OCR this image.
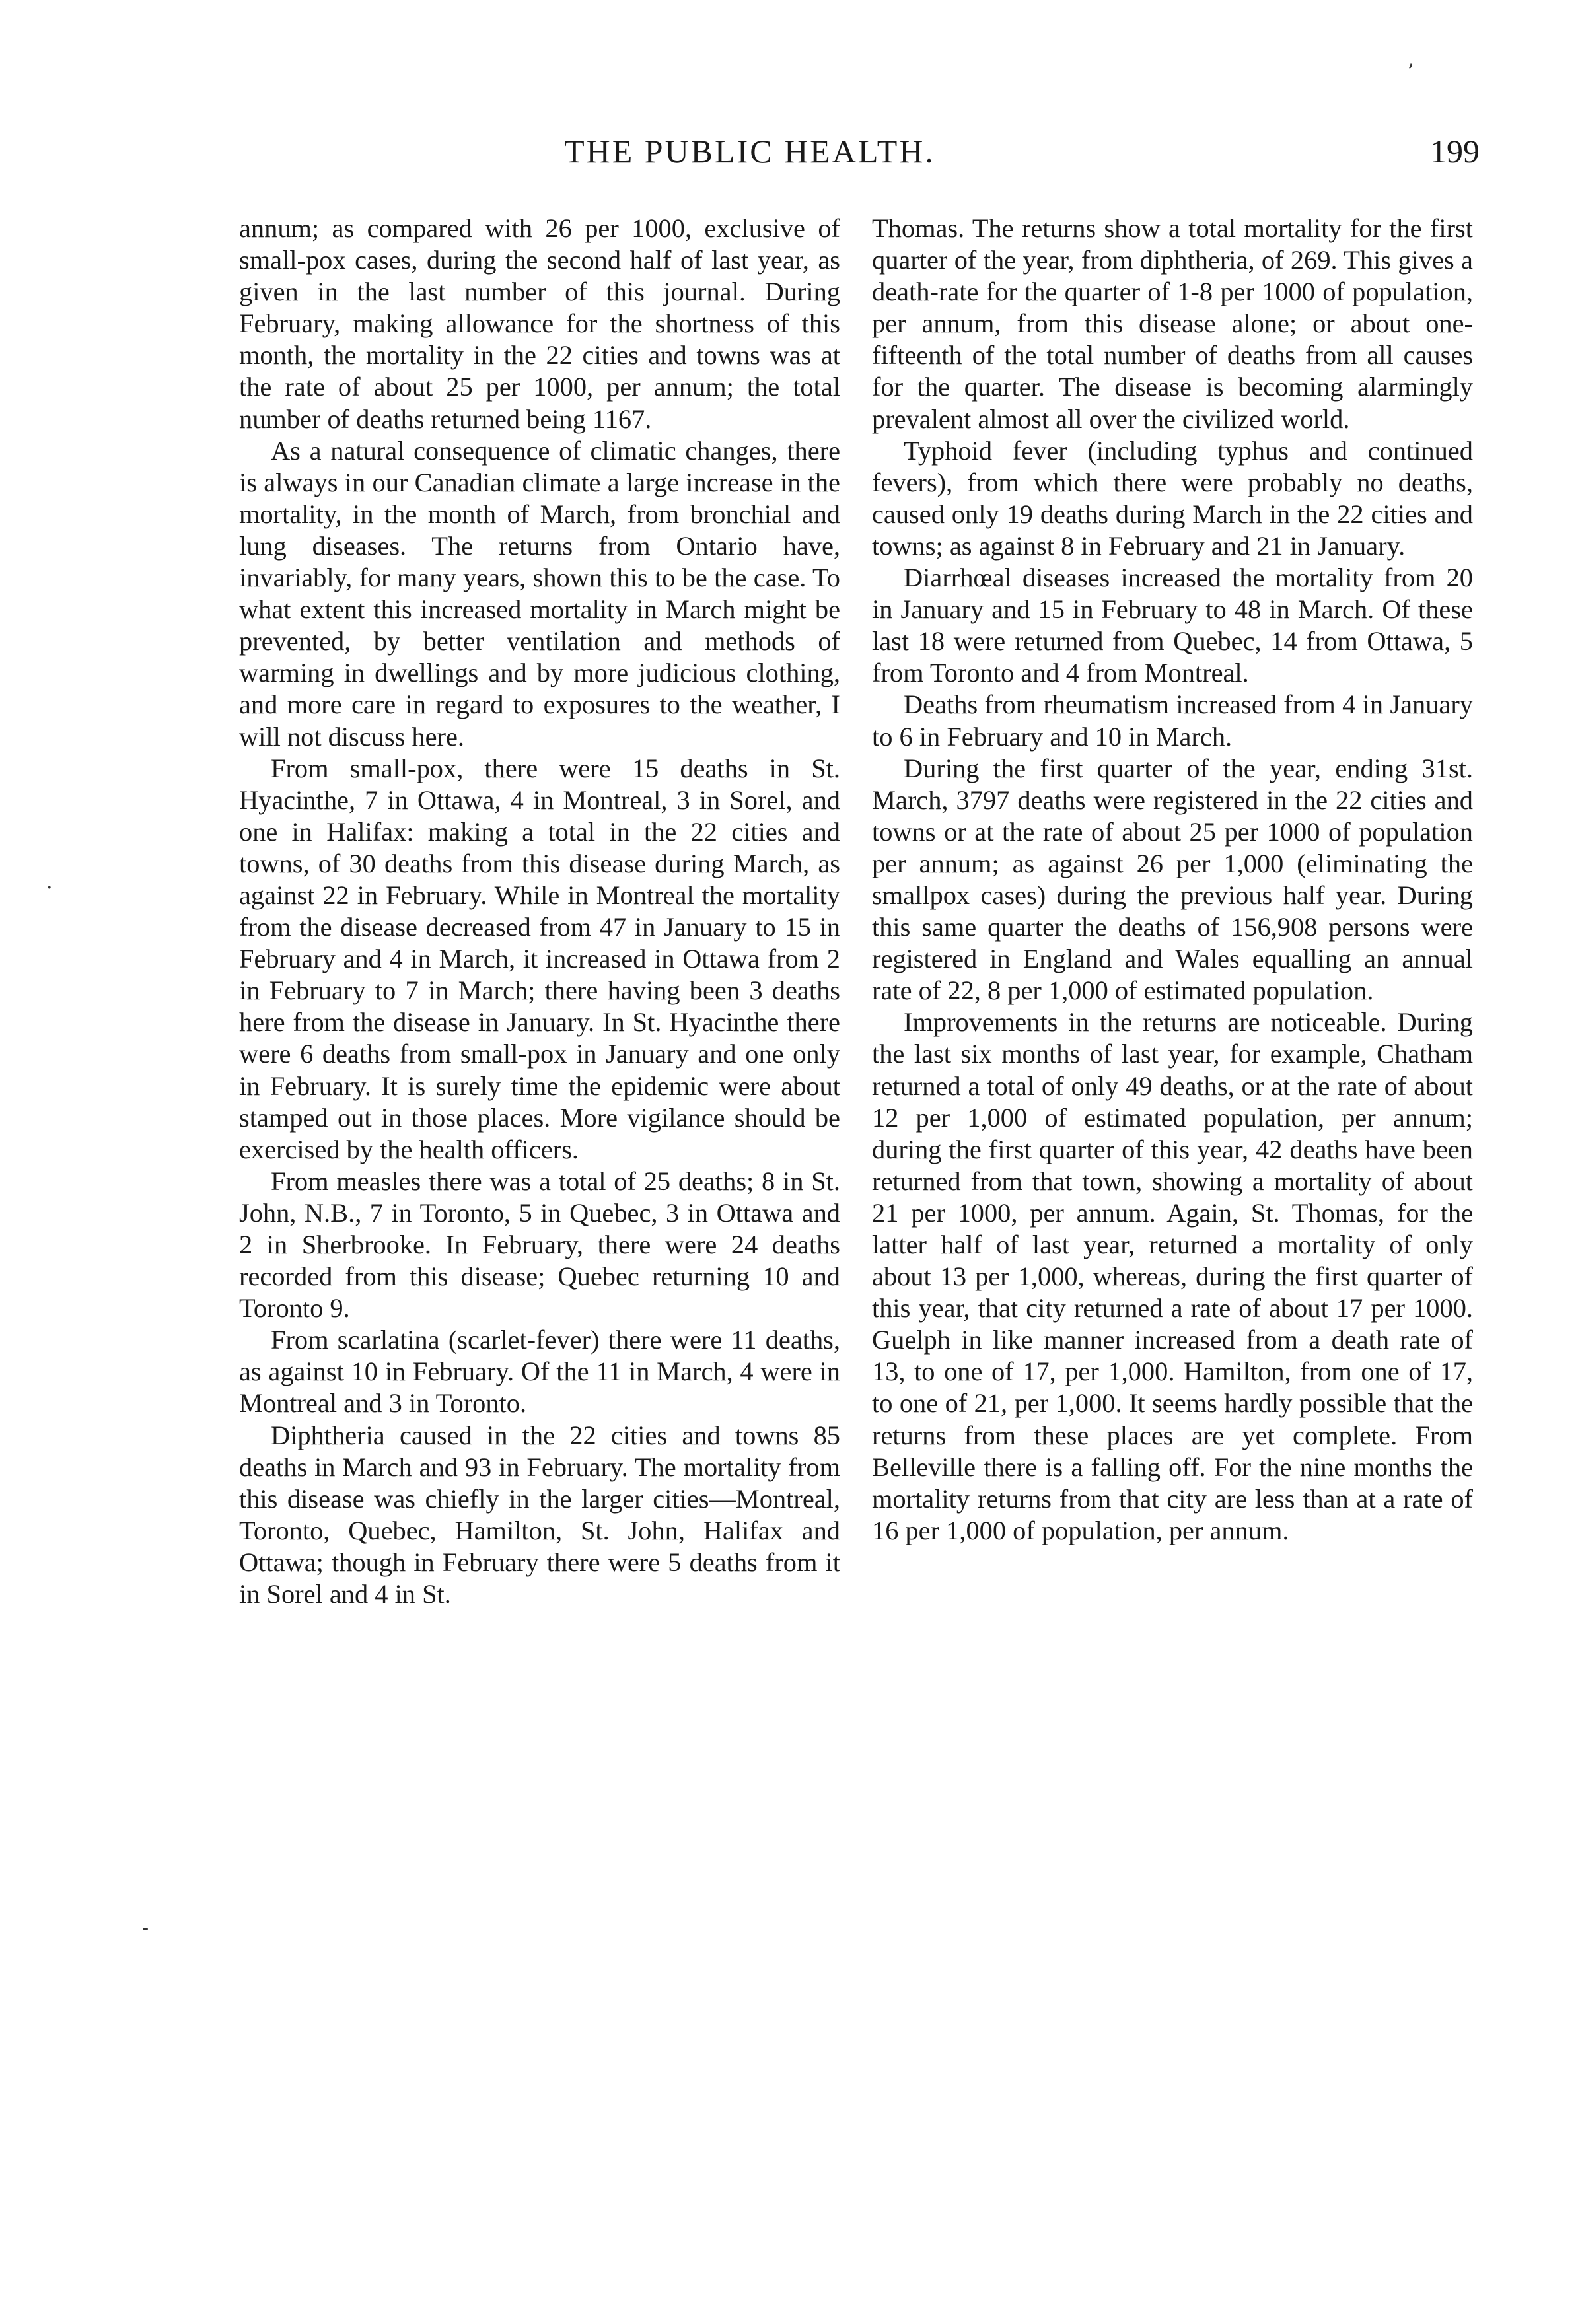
ʼ
·
-
THE PUBLIC HEALTH.	199

annum; as compared with 26 per 1000, exclusive of small-pox cases, during the second half of last year, as given in the last number of this journal. During February, making allowance for the shortness of this month, the mortality in the 22 cities and towns was at the rate of about 25 per 1000, per annum; the total number of deaths returned being 1167.

As a natural consequence of climatic changes, there is always in our Canadian climate a large increase in the mortality, in the month of March, from bronchial and lung diseases. The returns from Ontario have, invariably, for many years, shown this to be the case. To what extent this increased mortality in March might be prevented, by better ventilation and methods of warming in dwellings and by more judicious clothing, and more care in regard to exposures to the weather, I will not discuss here.

From small-pox, there were 15 deaths in St. Hyacinthe, 7 in Ottawa, 4 in Montreal, 3 in Sorel, and one in Halifax: making a total in the 22 cities and towns, of 30 deaths from this disease during March, as against 22 in February. While in Montreal the mortality from the disease decreased from 47 in January to 15 in February and 4 in March, it increased in Ottawa from 2 in February to 7 in March; there having been 3 deaths here from the disease in January. In St. Hyacinthe there were 6 deaths from small-pox in January and one only in February. It is surely time the epidemic were about stamped out in those places. More vigilance should be exercised by the health officers.

From measles there was a total of 25 deaths; 8 in St. John, N.B., 7 in Toronto, 5 in Quebec, 3 in Ottawa and 2 in Sherbrooke. In February, there were 24 deaths recorded from this disease; Quebec returning 10 and Toronto 9.

From scarlatina (scarlet-fever) there were 11 deaths, as against 10 in February. Of the 11 in March, 4 were in Montreal and 3 in Toronto.

Diphtheria caused in the 22 cities and towns 85 deaths in March and 93 in February. The mortality from this disease was chiefly in the larger cities—Montreal, Toronto, Quebec, Hamilton, St. John, Halifax and Ottawa; though in February there were 5 deaths from it in Sorel and 4 in St.

Thomas. The returns show a total mortality for the first quarter of the year, from diphtheria, of 269. This gives a death-rate for the quarter of 1-8 per 1000 of population, per annum, from this disease alone; or about one-fifteenth of the total number of deaths from all causes for the quarter. The disease is becoming alarmingly prevalent almost all over the civilized world.

Typhoid fever (including typhus and continued fevers), from which there were probably no deaths, caused only 19 deaths during March in the 22 cities and towns; as against 8 in February and 21 in January.

Diarrhœal diseases increased the mortality from 20 in January and 15 in February to 48 in March. Of these last 18 were returned from Quebec, 14 from Ottawa, 5 from Toronto and 4 from Montreal.

Deaths from rheumatism increased from 4 in January to 6 in February and 10 in March.

During the first quarter of the year, ending 31st. March, 3797 deaths were registered in the 22 cities and towns or at the rate of about 25 per 1000 of population per annum; as against 26 per 1,000 (eliminating the smallpox cases) during the previous half year. During this same quarter the deaths of 156,908 persons were registered in England and Wales equalling an annual rate of 22, 8 per 1,000 of estimated population.

Improvements in the returns are noticeable. During the last six months of last year, for example, Chatham returned a total of only 49 deaths, or at the rate of about 12 per 1,000 of estimated population, per annum; during the first quarter of this year, 42 deaths have been returned from that town, showing a mortality of about 21 per 1000, per annum. Again, St. Thomas, for the latter half of last year, returned a mortality of only about 13 per 1,000, whereas, during the first quarter of this year, that city returned a rate of about 17 per 1000. Guelph in like manner increased from a death rate of 13, to one of 17, per 1,000. Hamilton, from one of 17, to one of 21, per 1,000. It seems hardly possible that the returns from these places are yet complete. From Belleville there is a falling off. For the nine months the mortality returns from that city are less than at a rate of 16 per 1,000 of population, per annum.
